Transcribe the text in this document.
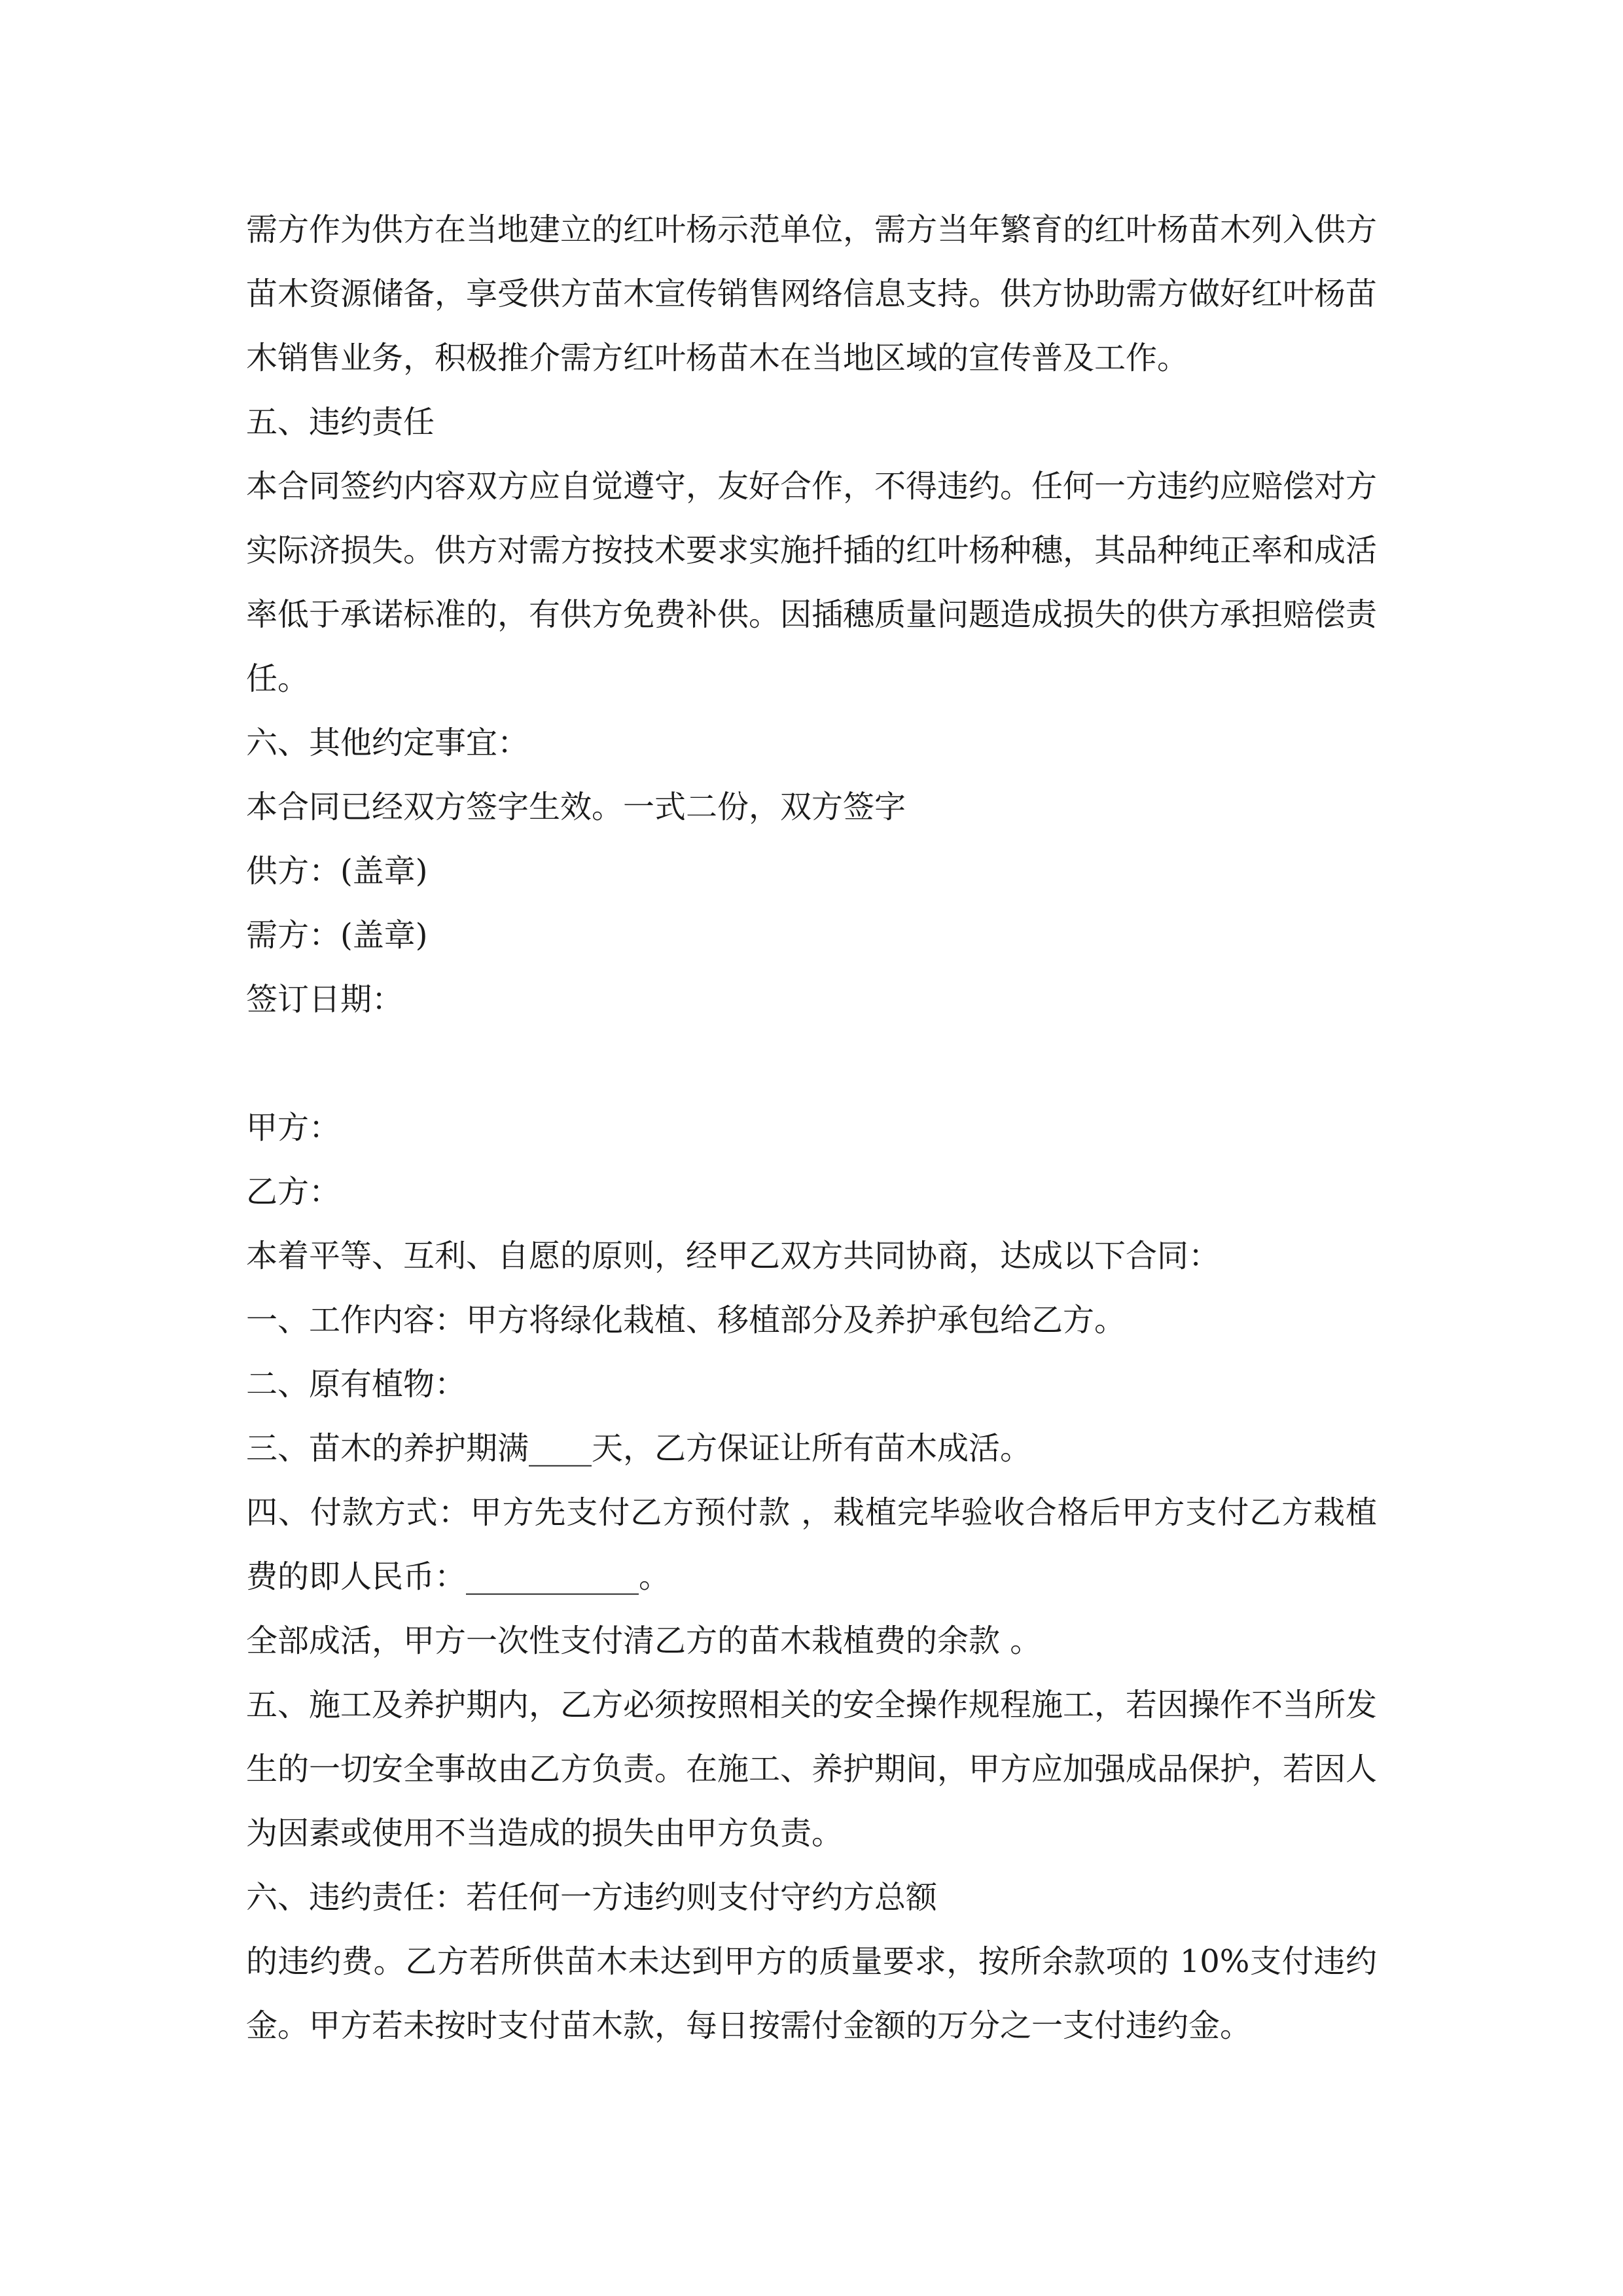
需方作为供方在当地建立的红叶杨示范单位，需方当年繁育的红叶杨苗木列入供方苗木资源储备，享受供方苗木宣传销售网络信息支持。供方协助需方做好红叶杨苗木销售业务，积极推介需方红叶杨苗木在当地区域的宣传普及工作。

五、违约责任

本合同签约内容双方应自觉遵守，友好合作，不得违约。任何一方违约应赔偿对方实际济损失。供方对需方按技术要求实施扦插的红叶杨种穗，其品种纯正率和成活率低于承诺标准的，有供方免费补供。因插穗质量问题造成损失的供方承担赔偿责任。

六、其他约定事宜：

本合同已经双方签字生效。一式二份，双方签字

供方：(盖章)

需方：(盖章)

签订日期：

甲方：

乙方：

本着平等、互利、自愿的原则，经甲乙双方共同协商，达成以下合同：

一、工作内容：甲方将绿化栽植、移植部分及养护承包给乙方。

二、原有植物：

三、苗木的养护期满____天，乙方保证让所有苗木成活。

四、付款方式：甲方先支付乙方预付款 ，栽植完毕验收合格后甲方支付乙方栽植费的即人民币：___________。

全部成活，甲方一次性支付清乙方的苗木栽植费的余款 。

五、施工及养护期内，乙方必须按照相关的安全操作规程施工，若因操作不当所发生的一切安全事故由乙方负责。在施工、养护期间，甲方应加强成品保护，若因人为因素或使用不当造成的损失由甲方负责。

六、违约责任：若任何一方违约则支付守约方总额

的违约费。乙方若所供苗木未达到甲方的质量要求，按所余款项的 10%支付违约金。甲方若未按时支付苗木款，每日按需付金额的万分之一支付违约金。
